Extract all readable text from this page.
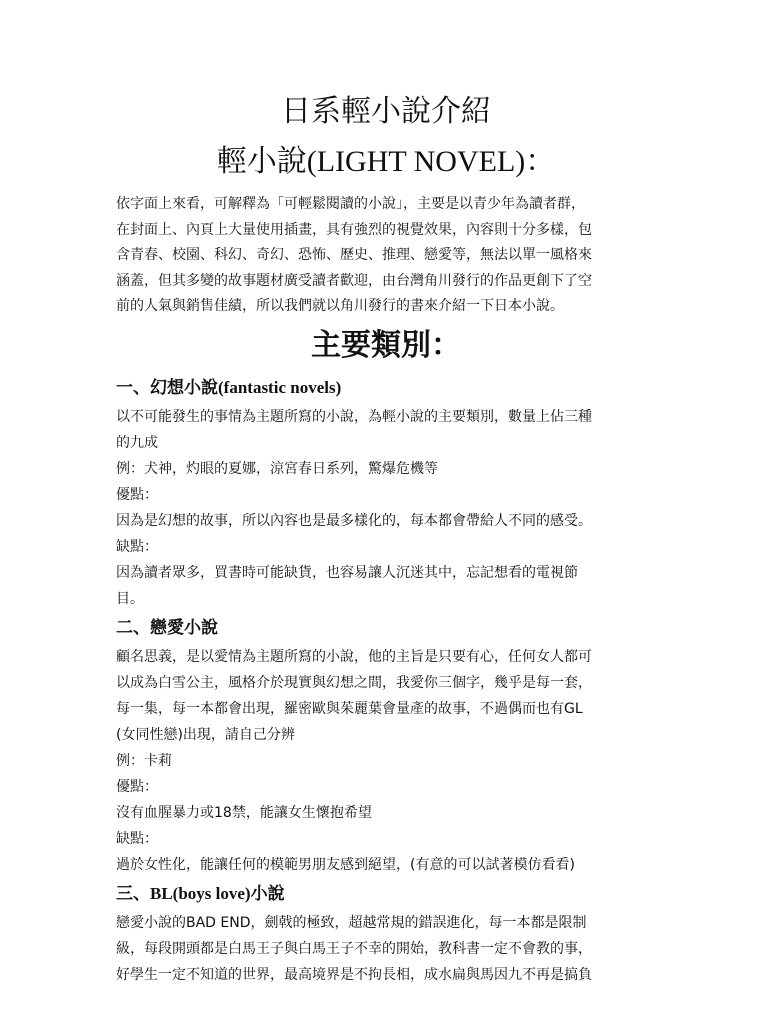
日系輕小說介紹
輕小說(LIGHT NOVEL)：

依字面上來看，可解釋為「可輕鬆閱讀的小說」，主要是以青少年為讀者群，

在封面上、內頁上大量使用插畫，具有強烈的視覺效果，內容則十分多樣，包

含青春、校園、科幻、奇幻、恐怖、歷史、推理、戀愛等，無法以單一風格來

涵蓋，但其多變的故事題材廣受讀者歡迎，由台灣角川發行的作品更創下了空

前的人氣與銷售佳績，所以我們就以角川發行的書來介紹一下日本小說。

主要類別：
一、幻想小說(fantastic novels)

以不可能發生的事情為主題所寫的小說，為輕小說的主要類別，數量上佔三種

的九成

例：犬神，灼眼的夏娜，涼宮春日系列，驚爆危機等

優點：

因為是幻想的故事，所以內容也是最多樣化的，每本都會帶給人不同的感受。

缺點：

因為讀者眾多，買書時可能缺貨，也容易讓人沉迷其中，忘記想看的電視節

目。

二、戀愛小說

顧名思義，是以愛情為主題所寫的小說，他的主旨是只要有心，任何女人都可

以成為白雪公主，風格介於現實與幻想之間，我愛你三個字，幾乎是每一套，

每一集，每一本都會出現，羅密歐與茱麗葉會量產的故事，不過偶而也有GL

(女同性戀)出現，請自己分辨

例：卡莉

優點：

沒有血腥暴力或18禁，能讓女生懷抱希望

缺點：

過於女性化，能讓任何的模範男朋友感到絕望，(有意的可以試著模仿看看)

三、BL(boys love)小說

戀愛小說的BAD END，劍戟的極致，超越常規的錯誤進化，每一本都是限制

級，每段開頭都是白馬王子與白馬王子不幸的開始，教科書一定不會教的事，

好學生一定不知道的世界，最高境界是不拘長相，成水扁與馬因九不再是搞負
